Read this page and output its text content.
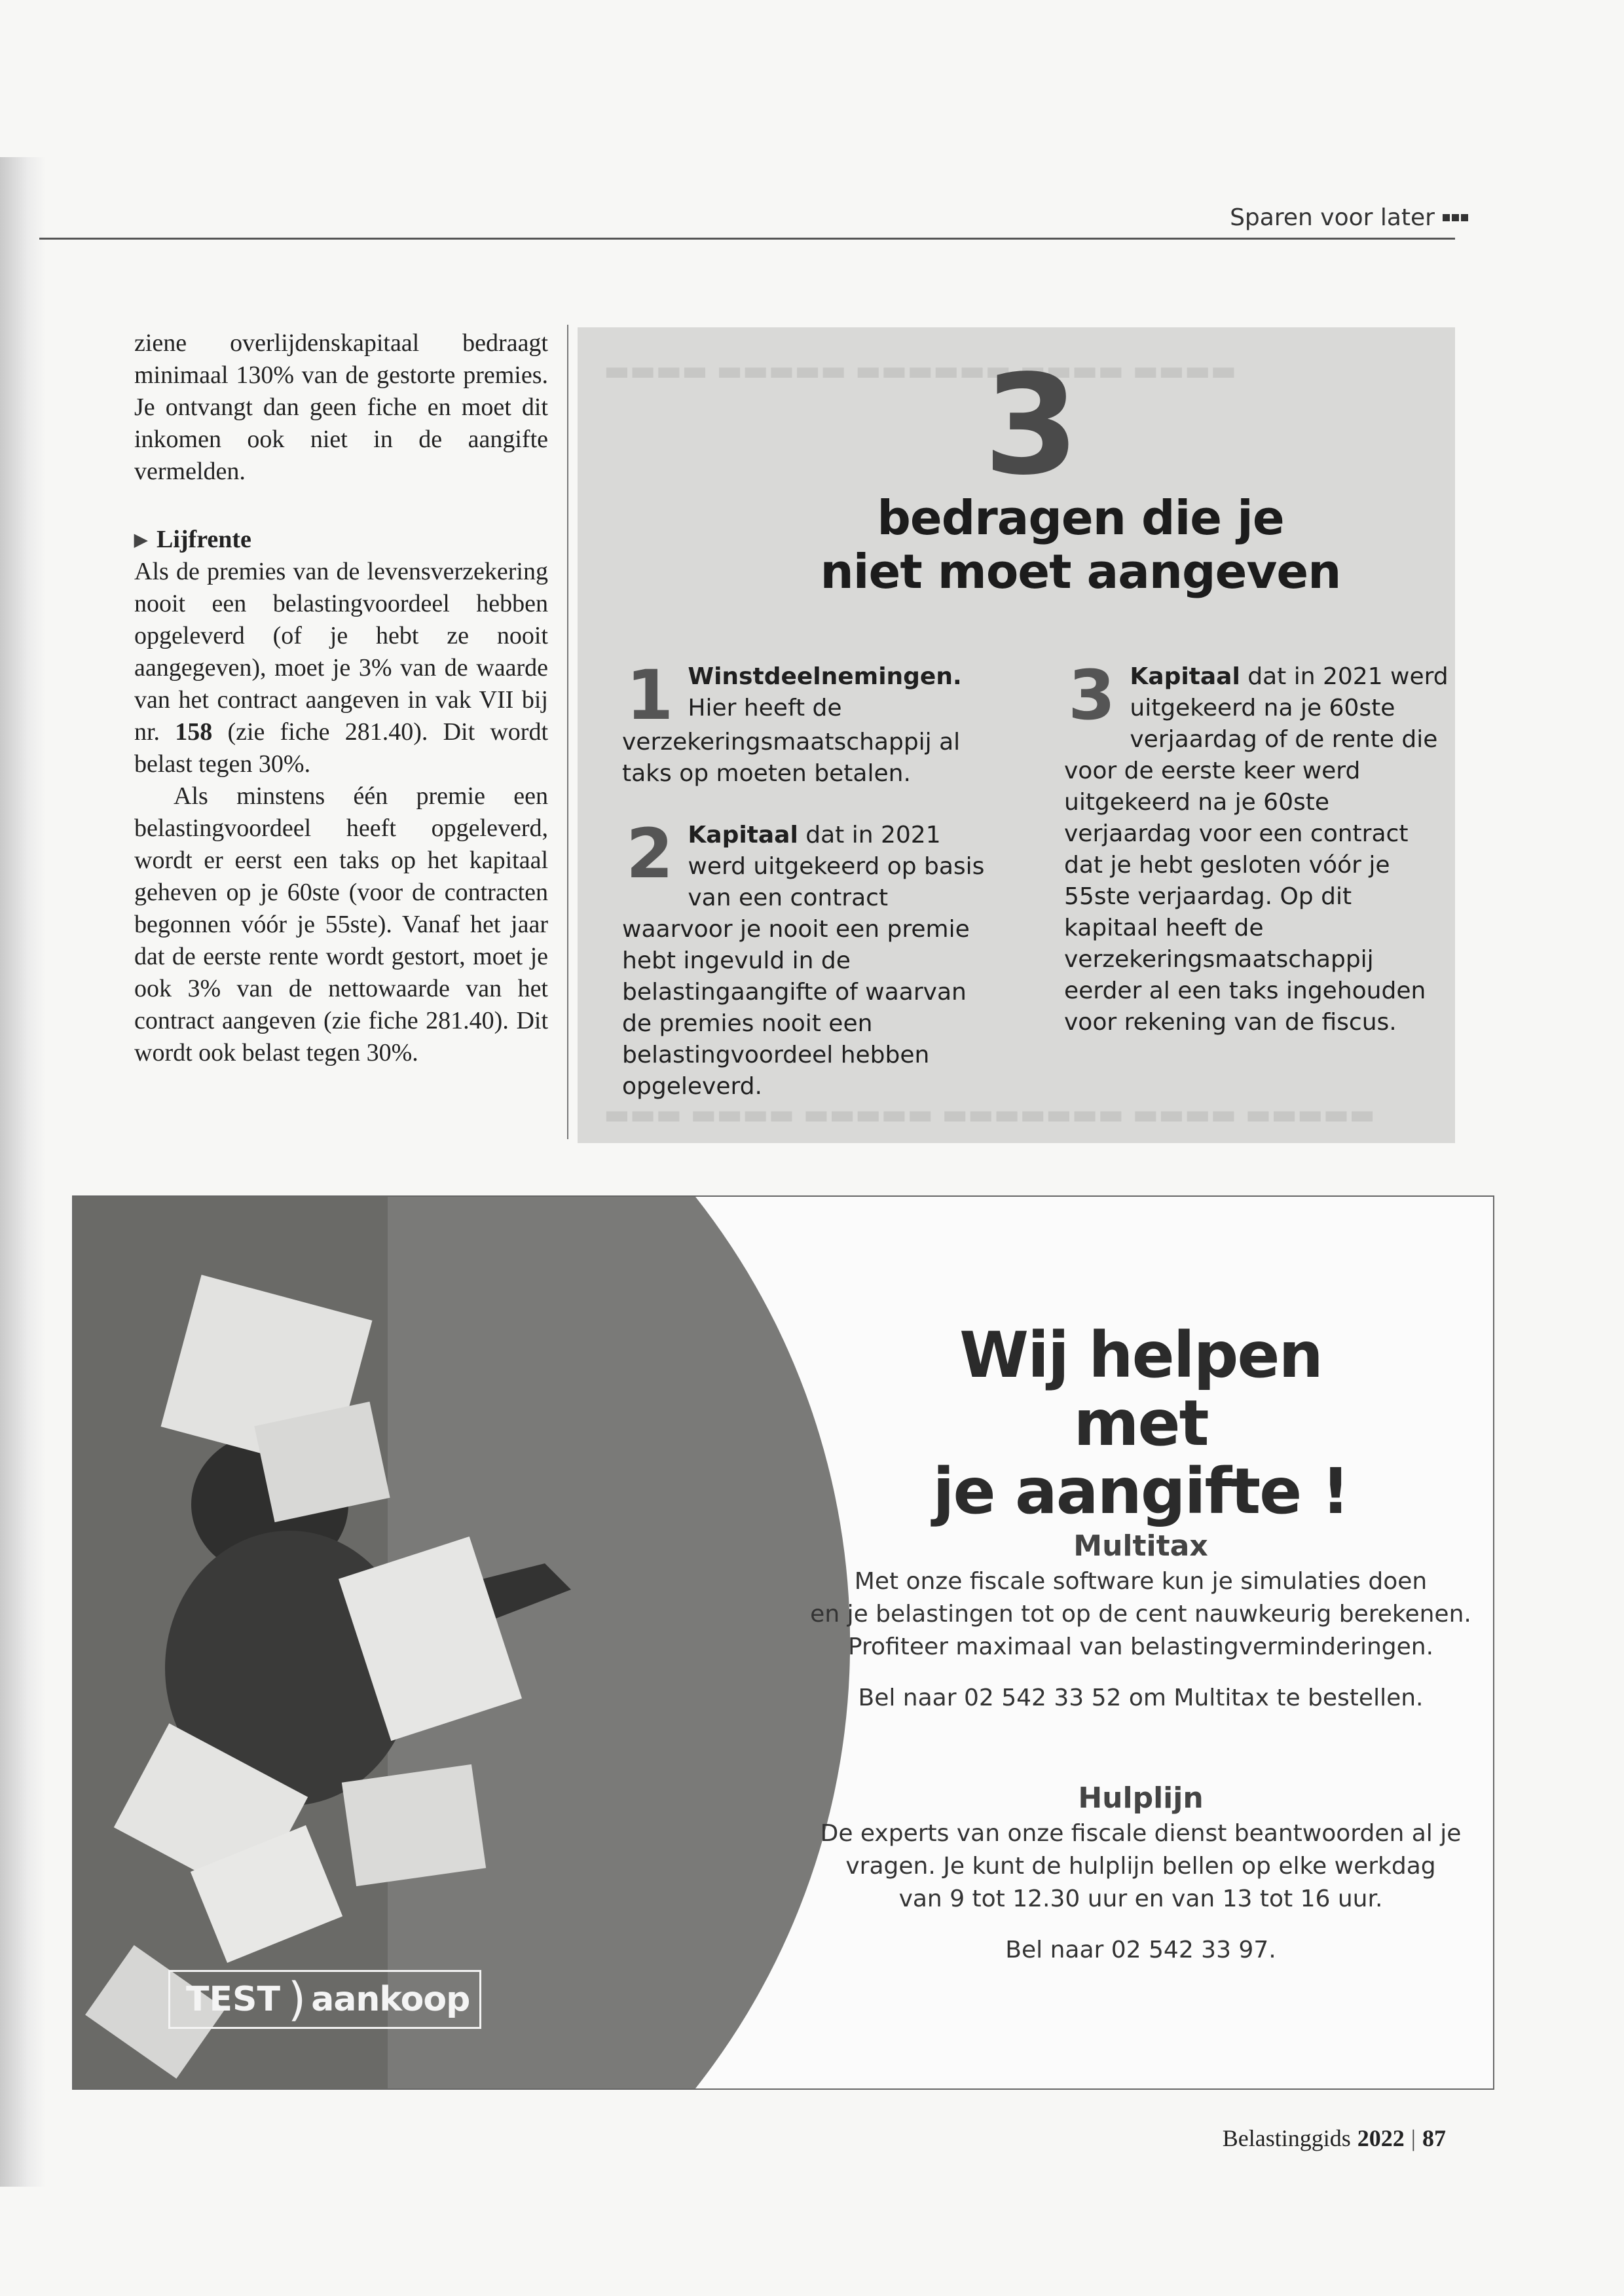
Sparen voor later

ziene overlijdenskapitaal bedraagt minimaal 130% van de gestorte premies. Je ontvangt dan geen fiche en moet dit inkomen ook niet in de aangifte vermelden.

▶ Lijfrente

Als de premies van de levensverzekering nooit een belastingvoordeel hebben opgeleverd (of je hebt ze nooit aangegeven), moet je 3% van de waarde van het contract aangeven in vak VII bij nr. 158 (zie fiche 281.40). Dit wordt belast tegen 30%.

Als minstens één premie een belastingvoordeel heeft opgeleverd, wordt er eerst een taks op het kapitaal geheven op je 60ste (voor de contracten begonnen vóór je 55ste). Vanaf het jaar dat de eerste rente wordt gestort, moet je ook 3% van de nettowaarde van het contract aangeven (zie fiche 281.40). Dit wordt ook belast tegen 30%.

▬▬▬▬ ▬▬▬▬▬ ▬▬▬▬▬▬ ▬▬▬▬ ▬▬▬▬
▬▬▬ ▬▬▬▬ ▬▬▬▬▬ ▬▬▬▬▬▬▬ ▬▬▬▬ ▬▬▬▬▬
3
bedragen die je
niet moet aangeven
1 Winstdeelnemingen. Hier heeft de verzekeringsmaatschappij al taks op moeten betalen.
2 Kapitaal dat in 2021 werd uitgekeerd op basis van een contract waarvoor je nooit een premie hebt ingevuld in de belastingaangifte of waarvan de premies nooit een belastingvoordeel hebben opgeleverd.
3 Kapitaal dat in 2021 werd uitgekeerd na je 60ste verjaardag of de rente die voor de eerste keer werd uitgekeerd na je 60ste verjaardag voor een contract dat je hebt gesloten vóór je 55ste verjaardag. Op dit kapitaal heeft de verzekeringsmaatschappij eerder al een taks ingehouden voor rekening van de fiscus.
Wij helpen met
je aangifte !
Multitax
Met onze fiscale software kun je simulaties doen
en je belastingen tot op de cent nauwkeurig berekenen.
Profiteer maximaal van belastingverminderingen.
Bel naar 02 542 33 52 om Multitax te bestellen.
Hulplijn
De experts van onze fiscale dienst beantwoorden al je
vragen. Je kunt de hulplijn bellen op elke werkdag
van 9 tot 12.30 uur en van 13 tot 16 uur.
Bel naar 02 542 33 97.
TEST ) aankoop
Belastinggids 2022 | 87
